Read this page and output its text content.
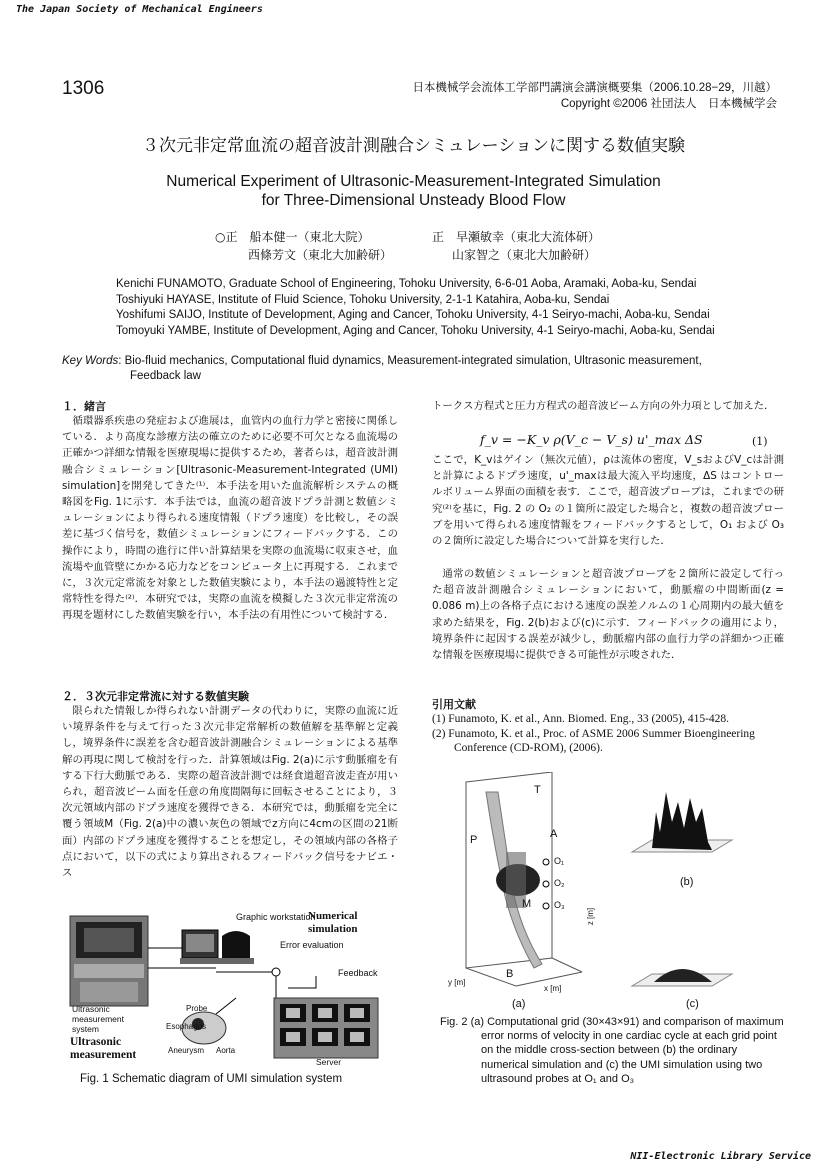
The Japan Society of Mechanical Engineers
1306	日本機械学会流体工学部門講演会講演概要集（2006.10.28−29，川越）
Copyright ©2006 社団法人　日本機械学会
３次元非定常血流の超音波計測融合シミュレーションに関する数値実験
Numerical Experiment of Ultrasonic-Measurement-Integrated Simulation
for Three-Dimensional Unsteady Blood Flow
○正　船本健一（東北大院）	正　早瀬敏幸（東北大流体研）
西條芳文（東北大加齢研）	山家智之（東北大加齢研）
Kenichi FUNAMOTO, Graduate School of Engineering, Tohoku University, 6-6-01 Aoba, Aramaki, Aoba-ku, Sendai
Toshiyuki HAYASE, Institute of Fluid Science, Tohoku University, 2-1-1 Katahira, Aoba-ku, Sendai
Yoshifumi SAIJO, Institute of Development, Aging and Cancer, Tohoku University, 4-1 Seiryo-machi, Aoba-ku, Sendai
Tomoyuki YAMBE, Institute of Development, Aging and Cancer, Tohoku University, 4-1 Seiryo-machi, Aoba-ku, Sendai
Key Words: Bio-fluid mechanics, Computational fluid dynamics, Measurement-integrated simulation, Ultrasonic measurement,
Feedback law
１．緒言
循環器系疾患の発症および進展は，血管内の血行力学と密接に関係している．より高度な診療方法の確立のために必要不可欠となる血流場の正確かつ詳細な情報を医療現場に提供するため，著者らは，超音波計測融合シミュレーション[Ultrasonic-Measurement-Integrated (UMI) simulation]を開発してきた⁽¹⁾．本手法を用いた血流解析システムの概略図をFig. 1に示す．本手法では，血流の超音波ドプラ計測と数値シミュレーションにより得られる速度情報（ドプラ速度）を比較し，その誤差に基づく信号を，数値シミュレーションにフィードバックする．この操作により，時間の進行に伴い計算結果を実際の血流場に収束させ，血流場や血管壁にかかる応力などをコンピュータ上に再現する．これまでに，３次元定常流を対象とした数値実験により，本手法の過渡特性と定常特性を得た⁽²⁾．本研究では，実際の血流を模擬した３次元非定常流の再現を題材にした数値実験を行い，本手法の有用性について検討する．
２．３次元非定常流に対する数値実験
限られた情報しか得られない計測データの代わりに，実際の血流に近い境界条件を与えて行った３次元非定常解析の数値解を基準解と定義し，境界条件に誤差を含む超音波計測融合シミュレーションによる基準解の再現に関して検討を行った．計算領域はFig. 2(a)に示す動脈瘤を有する下行大動脈である．実際の超音波計測では経食道超音波走査が用いられ，超音波ビーム面を任意の角度間隔毎に回転させることにより，３次元領域内部のドプラ速度を獲得できる．本研究では，動脈瘤を完全に覆う領域M（Fig. 2(a)中の濃い灰色の領域でz方向に4cmの区間の21断面）内部のドプラ速度を獲得することを想定し，その領域内部の各格子点において，以下の式により算出されるフィードバック信号をナビエ・ス
トークス方程式と圧力方程式の超音波ビーム方向の外力項として加えた．
f_v = −K_v ρ(V_c − V_s) u'_max ΔS	(1)
ここで，K_vはゲイン（無次元値），ρは流体の密度，V_sおよびV_cは計測と計算によるドプラ速度，u'_maxは最大流入平均速度，ΔS はコントロールボリューム界面の面積を表す．ここで，超音波プローブは，これまでの研究⁽²⁾を基に，Fig. 2 の O₂ の１箇所に設定した場合と，複数の超音波プローブを用いて得られる速度情報をフィードバックするとして，O₁ および O₃ の２箇所に設定した場合について計算を実行した．
通常の数値シミュレーションと超音波プローブを２箇所に設定して行った超音波計測融合シミュレーションにおいて，動脈瘤の中間断面(z = 0.086 m)上の各格子点における速度の誤差ノルムの１心周期内の最大値を求めた結果を，Fig. 2(b)および(c)に示す．フィードバックの適用により，境界条件に起因する誤差が減少し，動脈瘤内部の血行力学の詳細かつ正確な情報を医療現場に提供できる可能性が示唆された．
引用文献
(1) Funamoto, K. et al., Ann. Biomed. Eng., 33 (2005), 415-428.
(2) Funamoto, K. et al., Proc. of ASME 2006 Summer Bioengineering Conference (CD-ROM), (2006).
Graphic workstation
Numerical simulation
Error evaluation
Feedback
Ultrasonic measurement system
Probe
Esophagus
Aneurysm Aorta
Server
Ultrasonic measurement
Fig. 1 Schematic diagram of UMI simulation system
P	A
T
M
B
O₁
O₂
O₃
z [m]
y [m]
x [m]
(a)
(b)
(c)
Fig. 2 (a) Computational grid (30×43×91) and comparison of maximum error norms of velocity in one cardiac cycle at each grid point on the middle cross-section between (b) the ordinary numerical simulation and (c) the UMI simulation using two ultrasound probes at O₁ and O₃
NII-Electronic Library Service
